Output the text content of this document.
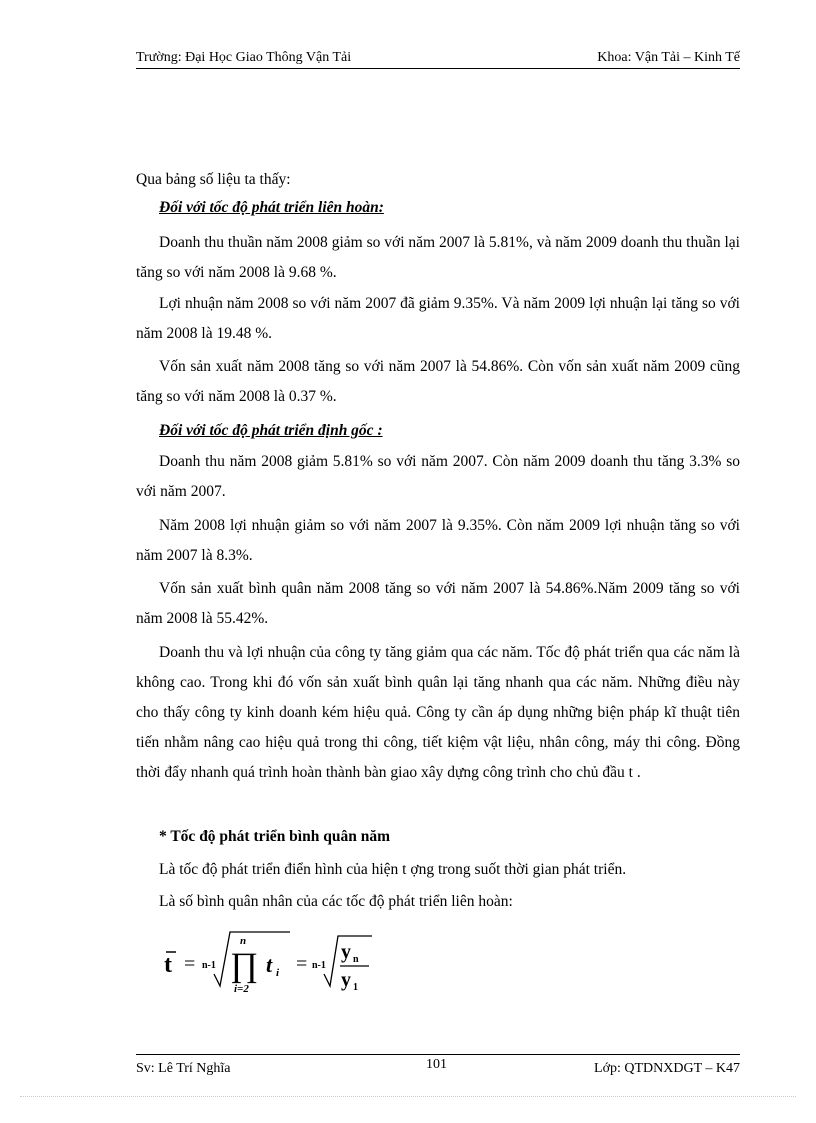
Trường: Đại Học Giao Thông Vận Tải	Khoa: Vận Tải – Kinh Tế
Qua bảng số liệu ta thấy:
Đối với tốc độ phát triển liên hoàn:
Doanh thu thuần năm 2008 giảm so với năm 2007 là 5.81%, và năm 2009 doanh thu thuần lại tăng so với năm 2008 là 9.68 %.
Lợi nhuận năm 2008 so với năm 2007 đã giảm 9.35%. Và năm 2009 lợi nhuận lại tăng so với năm 2008 là 19.48 %.
Vốn sản xuất năm 2008 tăng so với năm 2007 là 54.86%. Còn vốn sản xuất năm 2009 cũng tăng so với năm 2008 là 0.37 %.
Đối với tốc độ phát triển định gốc :
Doanh thu năm 2008 giảm 5.81% so với năm 2007. Còn năm 2009 doanh thu tăng 3.3% so với năm 2007.
Năm 2008 lợi nhuận giảm so với năm 2007 là 9.35%. Còn năm 2009 lợi nhuận tăng so với năm 2007 là 8.3%.
Vốn sản xuất bình quân năm 2008 tăng so với năm 2007 là 54.86%.Năm 2009 tăng so với năm 2008 là 55.42%.
Doanh thu và lợi nhuận của công ty tăng giảm qua các năm. Tốc độ phát triển qua các năm là không cao. Trong khi đó vốn sản xuất bình quân lại tăng nhanh qua các năm. Những điều này cho thấy công ty kinh doanh kém hiệu quả. Công ty cần áp dụng những biện pháp kĩ thuật tiên tiến nhằm nâng cao hiệu quả trong thi công, tiết kiệm vật liệu, nhân công, máy thi công. Đồng thời đẩy nhanh quá trình hoàn thành bàn giao xây dựng công trình cho chủ đầu t .
* Tốc độ phát triển bình quân năm
Là tốc độ phát triển điển hình của hiện t ợng trong suốt thời gian phát triển.
Là số bình quân nhân của các tốc độ phát triển liên hoàn:
t = n-1
n
∏
i=2
t i = n-1
y n
y 1
Sv: Lê Trí Nghĩa	101	Lớp: QTDNXDGT – K47
